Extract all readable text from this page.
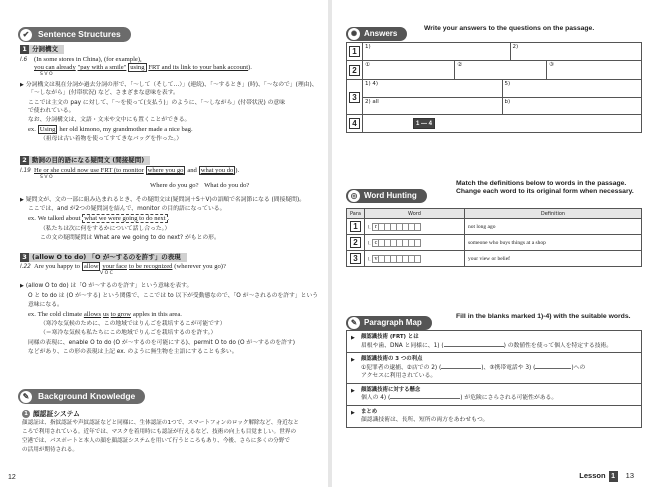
✔	Sentence Structures
1 分詞構文
l.6 (In some stores in China), (for example),
you can already "pay with a smile" using FRT and its link to your bank account).
S V O
▶ 分詞構文は現在分詞か過去分詞の形で、「〜して（そして…）」(連続)、「〜するとき」(時)、「〜なので」(理由)、
「〜しながら」(付帯状況) など、さまざまな意味を表す。
ここでは主文の pay に対して、「〜を使って(支払う)」のように、「〜しながら」(付帯状況) の意味
で使われている。
なお、分詞構文は、文語・文末や文中にも置くことができる。
ex. Using her old kimono, my grandmother made a nice bag.
（祖母は古い着物を使ってすてきなバッグを作った。）
2 動詞の目的語になる疑問文 (間接疑問)
l.19 He or she could now use FRT (to monitor where you go and what you do ).
S V O
Where do you go? What do you do?
▶ 疑問文が、文の一部に組み込まれるとき、その疑問文は(疑問詞＋S＋V)の語順で名詞節になる (間接疑問)。
ここでは、and が2つの疑問詞を結んで、monitor の目的語になっている。
ex. We talked about what we were going to do next .
（私たちは次に何をするかについて話し合った。）
この文の疑問疑問は What are we going to do next? がもとの形。
3 (allow O to do) 「O が〜するのを許す」の表現
l.22 Are you happy to allow your face to be recognized (wherever you go)?
V O C
▶ (allow O to do) は「O が〜するのを許す」という意味を表す。
O と to do は (O が〜する) という関係で、ここでは to 以下が受動態なので、「O が〜されるのを許す」という
意味になる。
ex. The cold climate allows us to grow apples in this area.
（寒冷な気候のために、この地域ではりんごを栽培するこが可能です）
（＝寒冷な気候も私たちにこの地域でりんごを栽培するのを許す。）
同様の表現に、enable O to do (O が〜するのを可能にする)、permit O to do (O が〜するのを許す)
などがあり、この形の表現は上記 ex. のように無生物を主語にすることも多い。
✎	Background Knowledge
1 顔認証システム
顔認証は、指紋認証や声紋認証などと同様に、生体認証の1つで、スマートフォンのロック解除など、身近なと
ころで利用されている。近年では、マスクを着用時にも認証が行えるなど、技術の向上も目覚ましい。世界の
空港では、パスポートと本人の顔を顔認証システムを用いて行うところもあり、今後、さらに多くの分野で
の活用が期待される。
12
✺ Answers
Write your answers to the questions on the passage.
1	1)	2)
2	
①	②	③

3	
1) 4)	5)
2) all	b)

4	1 — 4
◎ Word Hunting
Match the definitions below to words in the passage.
Change each word to its original form when necessary.
Para	Word	Definition
1	l. r	not long ago
2	l. c	someone who buys things at a shop
3	l. v	your view or belief
✎ Paragraph Map
Fill in the blanks marked 1)-4) with the suitable words.
▶ 顔認識技術 (FRT) とは
眉根や歯、DNA と同様に、1) (	) の数値性を使って個人を特定する技術。
▶ 顔認識技術の 3 つの利点
①犯罪者の逮捕、②店での 2) (	)、③携帯電話や 3) (	)への
アクセスに利用されている。
▶ 顔認識技術に対する懸念
個人の 4) (	) が危険にさらされる可能性がある。
▶ まとめ
顔認識技術は、長所、短所の両方をあわせもつ。
Lesson 1 13
